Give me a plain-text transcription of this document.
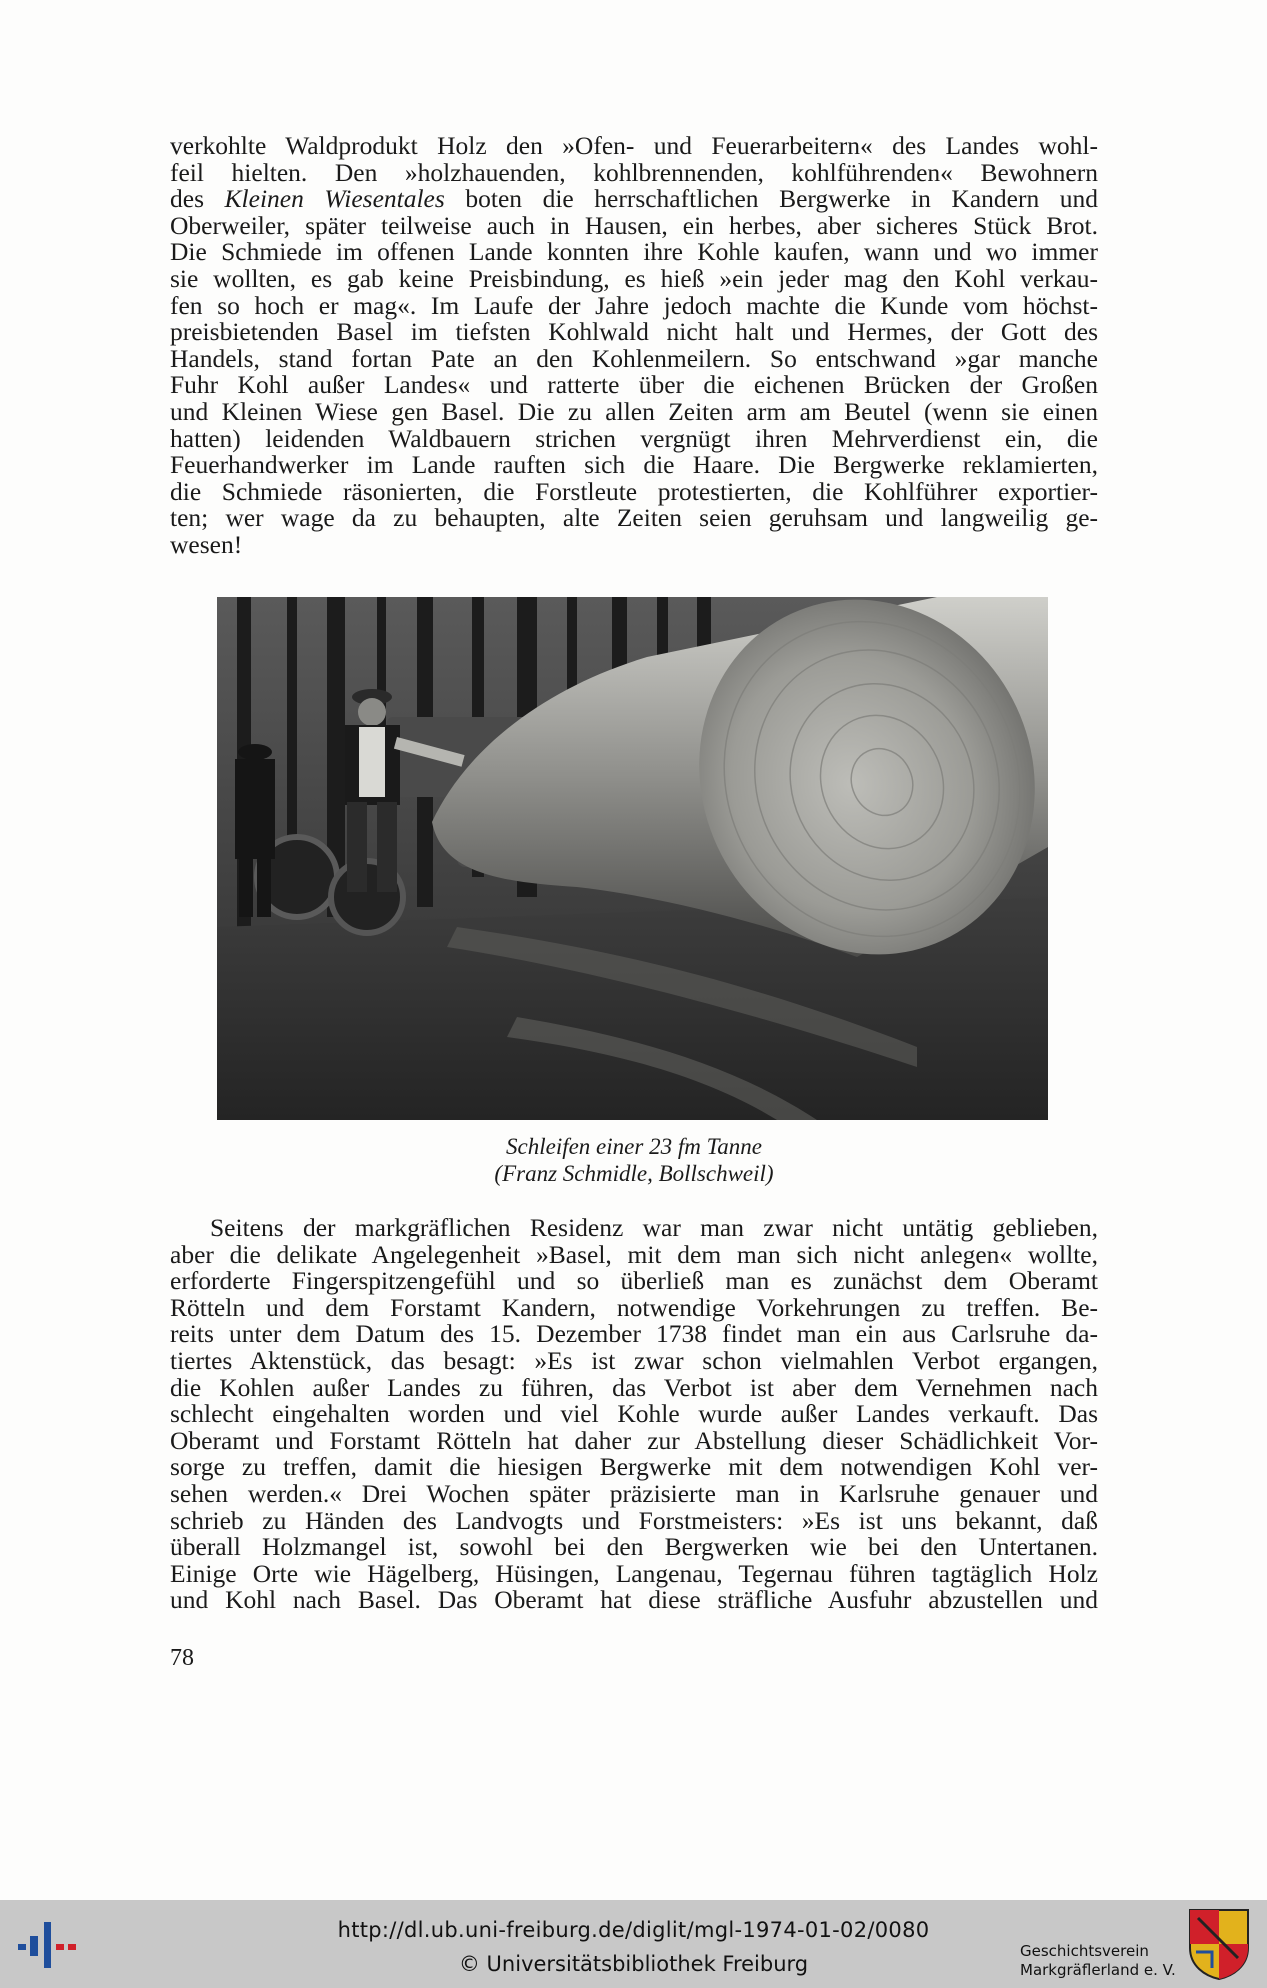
verkohlte Waldprodukt Holz den »Ofen- und Feuerarbeitern« des Landes wohl-
feil hielten. Den »holzhauenden, kohlbrennenden, kohlführenden« Bewohnern
des Kleinen Wiesentales boten die herrschaftlichen Bergwerke in Kandern und
Oberweiler, später teilweise auch in Hausen, ein herbes, aber sicheres Stück Brot.
Die Schmiede im offenen Lande konnten ihre Kohle kaufen, wann und wo immer
sie wollten, es gab keine Preisbindung, es hieß »ein jeder mag den Kohl verkau-
fen so hoch er mag«. Im Laufe der Jahre jedoch machte die Kunde vom höchst-
preisbietenden Basel im tiefsten Kohlwald nicht halt und Hermes, der Gott des
Handels, stand fortan Pate an den Kohlenmeilern. So entschwand »gar manche
Fuhr Kohl außer Landes« und ratterte über die eichenen Brücken der Großen
und Kleinen Wiese gen Basel. Die zu allen Zeiten arm am Beutel (wenn sie einen
hatten) leidenden Waldbauern strichen vergnügt ihren Mehrverdienst ein, die
Feuerhandwerker im Lande rauften sich die Haare. Die Bergwerke reklamierten,
die Schmiede räsonierten, die Forstleute protestierten, die Kohlführer exportier-
ten; wer wage da zu behaupten, alte Zeiten seien geruhsam und langweilig ge-
wesen!
Schleifen einer 23 fm Tanne
(Franz Schmidle, Bollschweil)
Seitens der markgräflichen Residenz war man zwar nicht untätig geblieben,
aber die delikate Angelegenheit »Basel, mit dem man sich nicht anlegen« wollte,
erforderte Fingerspitzengefühl und so überließ man es zunächst dem Oberamt
Rötteln und dem Forstamt Kandern, notwendige Vorkehrungen zu treffen. Be-
reits unter dem Datum des 15. Dezember 1738 findet man ein aus Carlsruhe da-
tiertes Aktenstück, das besagt: »Es ist zwar schon vielmahlen Verbot ergangen,
die Kohlen außer Landes zu führen, das Verbot ist aber dem Vernehmen nach
schlecht eingehalten worden und viel Kohle wurde außer Landes verkauft. Das
Oberamt und Forstamt Rötteln hat daher zur Abstellung dieser Schädlichkeit Vor-
sorge zu treffen, damit die hiesigen Bergwerke mit dem notwendigen Kohl ver-
sehen werden.« Drei Wochen später präzisierte man in Karlsruhe genauer und
schrieb zu Händen des Landvogts und Forstmeisters: »Es ist uns bekannt, daß
überall Holzmangel ist, sowohl bei den Bergwerken wie bei den Untertanen.
Einige Orte wie Hägelberg, Hüsingen, Langenau, Tegernau führen tagtäglich Holz
und Kohl nach Basel. Das Oberamt hat diese sträfliche Ausfuhr abzustellen und
78
http://dl.ub.uni-freiburg.de/diglit/mgl-1974-01-02/0080
© Universitätsbibliothek Freiburg
Geschichtsverein
Markgräflerland e. V.
